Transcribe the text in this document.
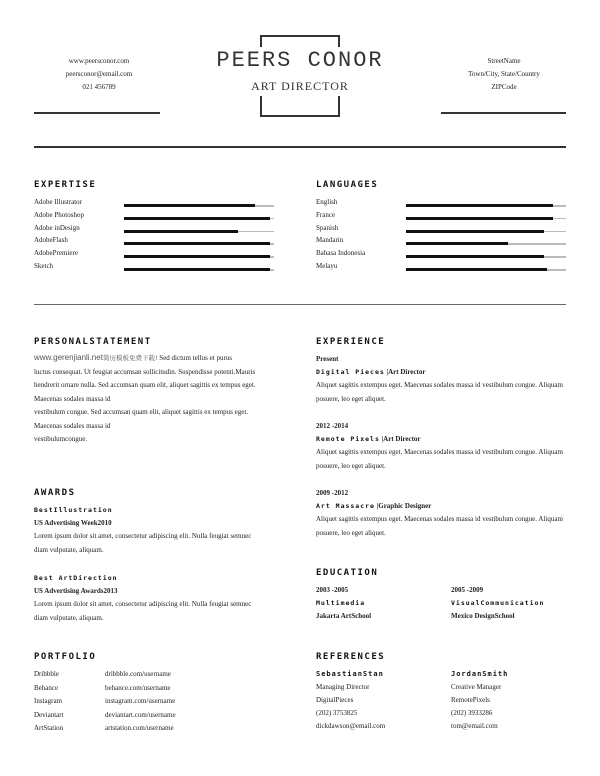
www.peersconor.com
peersconor@email.com
021 456789
PEERS CONOR
ART DIRECTOR
StreetName
Town/City, State/Country
ZIPCode
EXPERTISE
Adobe Illustrator
Adobe Photoshop
Adobe inDesign
AdobeFlash
AdobePremiere
Sketch
LANGUAGES
English
France
Spanish
Mandarin
Bahasa Indonesia
Melayu
PERSONALSTATEMENT
www.gerenjianli.net简历模板免费下载! Sed dictum tellus et purus
luctus consequat. Ut feugiat accumsan sollicitudin. Suspendisse potenti.Mauris
hendrerit ornare nulla. Sed accumsan quam elit, aliquet sagittis ex tempus eget. Maecenas sodales massa id
vestibulum congue. Sed accumsan quam elit, aliquet sagittis ex tempus eget. Maecenas sodales massa id
vestibulumcongue.
EXPERIENCE
Present
Digital Pieces |Art Director
Aliquet sagittis extempus eget. Maecenas sodales massa id vestibulum congue. Aliquam posuere, leo eget aliquet.
2012 -2014
Remote Pixels |Art Director
Aliquet sagittis extempus eget. Maecenas sodales massa id vestibulum congue. Aliquam posuere, leo eget aliquet.
2009 -2012
Art Massacre |Graphic Designer
Aliquet sagittis extempus eget. Maecenas sodales massa id vestibulum congue. Aliquam posuere, leo eget aliquet.
AWARDS
BestIllustration
US Advertising Week2010
Lorem ipsum dolor sit amet, consectetur adipiscing elit. Nulla feugiat semnec diam vulputate, aliquam.
Best ArtDirection
US Advertising Awards2013
Lorem ipsum dolor sit amet, consectetur adipiscing elit. Nulla feugiat semnec diam vulputate, aliquam.
EDUCATION
2003 -2005
Multimedia
Jakarta ArtSchool
2005 -2009
VisualCommunication
Mexico DesignSchool
PORTFOLIO
Dribbble
Behance
Instagram
Deviantart
ArtStation
dribbble.com/username
behance.com/username
instagram.com/username
deviantart.com/username
artstation.com/username
REFERENCES
SebastianStan
Managing Director
DigitalPieces
(202) 3753825
dickdawson@email.com
JordanSmith
Creative Manager
RemotePixels
(202) 3933286
tom@email.com
